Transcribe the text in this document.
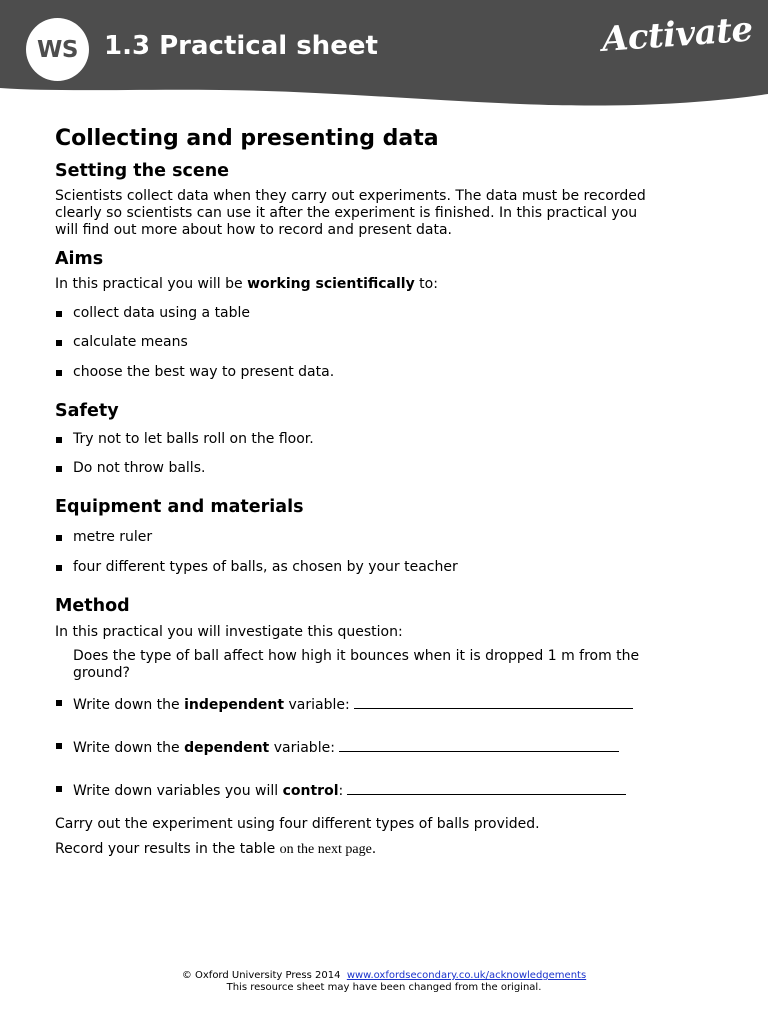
WS	1.3 Practical sheet	Activate
Collecting and presenting data
Setting the scene
Scientists collect data when they carry out experiments. The data must be recorded clearly so scientists can use it after the experiment is finished. In this practical you will find out more about how to record and present data.
Aims
In this practical you will be working scientifically to:
collect data using a table
calculate means
choose the best way to present data.
Safety
Try not to let balls roll on the floor.
Do not throw balls.
Equipment and materials
metre ruler
four different types of balls, as chosen by your teacher
Method
In this practical you will investigate this question:
Does the type of ball affect how high it bounces when it is dropped 1 m from the ground?
Write down the independent variable:
Write down the dependent variable:
Write down variables you will control:
Carry out the experiment using four different types of balls provided.
Record your results in the table on the next page.
© Oxford University Press 2014 www.oxfordsecondary.co.uk/acknowledgements
This resource sheet may have been changed from the original.
